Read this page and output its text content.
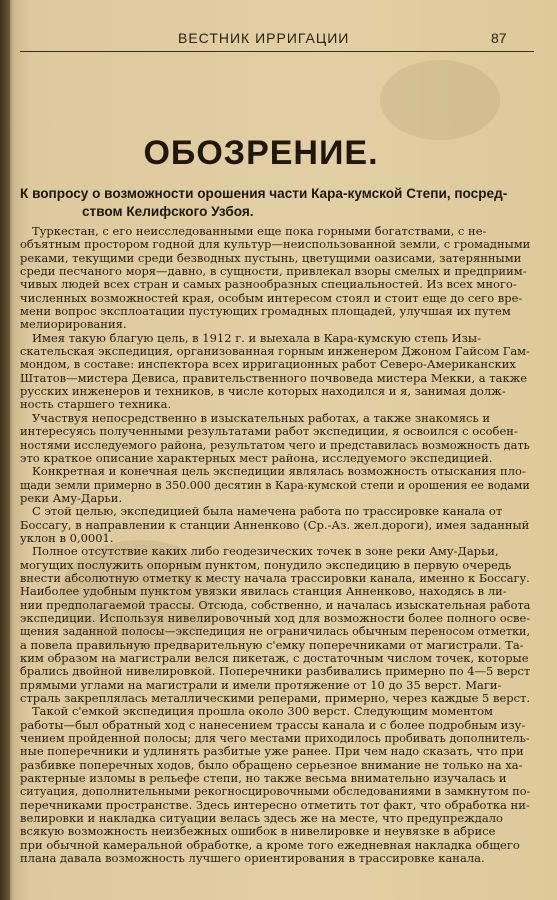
ВЕСТНИК ИРРИГАЦИИ	87
ОБОЗРЕНИЕ.
К вопросу о возможности орошения части Кара-кумской Степи, посред-
ством Келифского Узбоя.
Туркестан, с его неисследованными еще пока горными богатствами, с не-
объятным простором годной для культур—неиспользованной земли, с громадными
реками, текущими среди безводных пустынь, цветущими оазисами, затерянными
среди песчаного моря—давно, в сущности, привлекал взоры смелых и предприим-
чивых людей всех стран и самых разнообразных специальностей. Из всех много-
численных возможностей края, особым интересом стоял и стоит еще до сего вре-
мени вопрос эксплоатации пустующих громадных площадей, улучшая их путем
мелиорирования.
Имея такую благую цель, в 1912 г. и выехала в Кара-кумскую степь Изы-
скательская экспедиция, организованная горным инженером Джоном Гайсом Гам-
мондом, в составе: инспектора всех ирригационных работ Северо-Американских
Штатов—мистера Девиса, правительственного почвоведа мистера Мекки, а также
русских инженеров и техников, в числе которых находился и я, занимая долж-
ность старшего техника.
Участвуя непосредственно в изыскательных работах, а также знакомясь и
интересуясь полученными результатами работ экспедиции, я освоился с особен-
ностями исследуемого района, результатом чего и представилась возможность дать
это краткое описание характерных мест района, исследуемого экспедицией.
Конкретная и конечная цель экспедиции являлась возможность отыскания пло-
щади земли примерно в 350.000 десятин в Кара-кумской степи и орошения ее водами
реки Аму-Дарьи.
С этой целью, экспедицией была намечена работа по трассировке канала от
Боссагу, в направлении к станции Анненково (Ср.-Аз. жел.дороги), имея заданный
уклон в 0,0001.
Полное отсутствие каких либо геодезических точек в зоне реки Аму-Дарьи,
могущих послужить опорным пунктом, понудило экспедицию в первую очередь
внести абсолютную отметку к месту начала трассировки канала, именно к Боссагу.
Наиболее удобным пунктом увязки явилась станция Анненково, находясь в ли-
нии предполагаемой трассы. Отсюда, собственно, и началась изыскательная работа
экспедиции. Используя нивелировочный ход для возможности более полного осве-
щения заданной полосы—экспедиция не ограничилась обычным переносом отметки,
а повела правильную предварительную с'емку поперечниками от магистрали. Та-
ким образом на магистрали велся пикетаж, с достаточным числом точек, которые
брались двойной нивелировкой. Поперечники разбивались примерно по 4—5 верст
прямыми углами на магистрали и имели протяжение от 10 до 35 верст. Маги-
страль закреплялась металлическими реперами, примерно, через каждые 5 верст.
Такой с'емкой экспедиция прошла около 300 верст. Следующим моментом
работы—был обратный ход с нанесением трассы канала и с более подробным изу-
чением пройденной полосы; для чего местами приходилось пробивать дополнитель-
ные поперечники и удлинять разбитые уже ранее. При чем надо сказать, что при
разбивке поперечных ходов, было обращено серьезное внимание не только на ха-
рактерные изломы в рельефе степи, но также весьма внимательно изучалась и
ситуация, дополнительными рекогносцировочными обследованиями в замкнутом по-
перечниками пространстве. Здесь интересно отметить тот факт, что обработка ни-
велировки и накладка ситуации велась здесь же на месте, что предупреждало
всякую возможность неизбежных ошибок в нивелировке и неувязке в абрисе
при обычной камеральной обработке, а кроме того ежедневная накладка общего
плана давала возможность лучшего ориентирования в трассировке канала.
